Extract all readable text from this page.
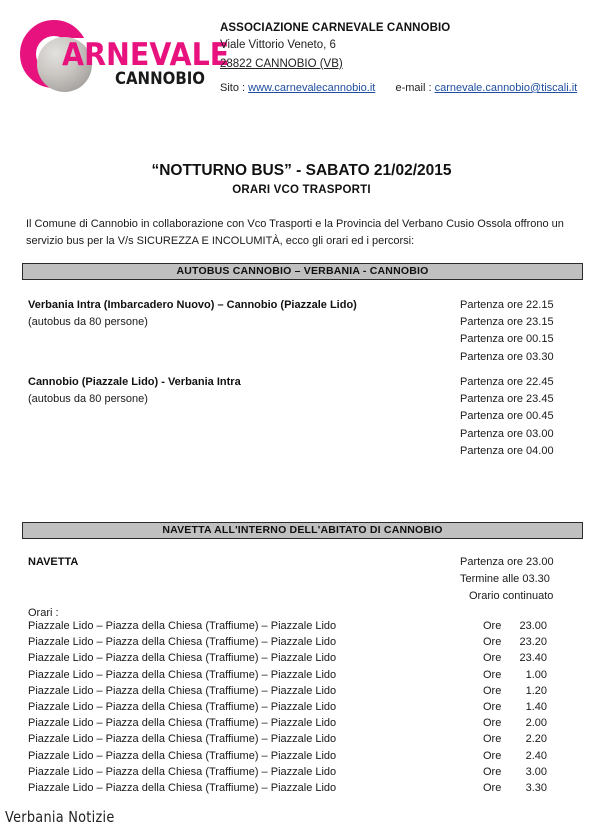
ARNEVALE
CANNOBIO
ASSOCIAZIONE CARNEVALE CANNOBIO
Viale Vittorio Veneto, 6
28822 CANNOBIO (VB)
Sito : www.carnevalecannobio.it e-mail : carnevale.cannobio@tiscali.it
“NOTTURNO BUS” - SABATO 21/02/2015
ORARI VCO TRASPORTI
Il Comune di Cannobio in collaborazione con Vco Trasporti e la Provincia del Verbano Cusio Ossola offrono un servizio bus per la V/s SICUREZZA E INCOLUMITÀ, ecco gli orari ed i percorsi:
AUTOBUS CANNOBIO – VERBANIA - CANNOBIO
Verbania Intra (Imbarcadero Nuovo) – Cannobio (Piazzale Lido)
(autobus da 80 persone)
Partenza ore 22.15
Partenza ore 23.15
Partenza ore 00.15
Partenza ore 03.30
Cannobio (Piazzale Lido) - Verbania Intra
(autobus da 80 persone)
Partenza ore 22.45
Partenza ore 23.45
Partenza ore 00.45
Partenza ore 03.00
Partenza ore 04.00
NAVETTA ALL'INTERNO DELL'ABITATO DI CANNOBIO
NAVETTA	Partenza ore 23.00
Termine alle 03.30
Orario continuato
Orari :
Piazzale Lido – Piazza della Chiesa (Traffiume) – Piazzale Lido	Ore 23.00
Piazzale Lido – Piazza della Chiesa (Traffiume) – Piazzale Lido	Ore 23.20
Piazzale Lido – Piazza della Chiesa (Traffiume) – Piazzale Lido	Ore 23.40
Piazzale Lido – Piazza della Chiesa (Traffiume) – Piazzale Lido	Ore 1.00
Piazzale Lido – Piazza della Chiesa (Traffiume) – Piazzale Lido	Ore 1.20
Piazzale Lido – Piazza della Chiesa (Traffiume) – Piazzale Lido	Ore 1.40
Piazzale Lido – Piazza della Chiesa (Traffiume) – Piazzale Lido	Ore 2.00
Piazzale Lido – Piazza della Chiesa (Traffiume) – Piazzale Lido	Ore 2.20
Piazzale Lido – Piazza della Chiesa (Traffiume) – Piazzale Lido	Ore 2.40
Piazzale Lido – Piazza della Chiesa (Traffiume) – Piazzale Lido	Ore 3.00
Piazzale Lido – Piazza della Chiesa (Traffiume) – Piazzale Lido	Ore 3.30
Verbania Notizie
